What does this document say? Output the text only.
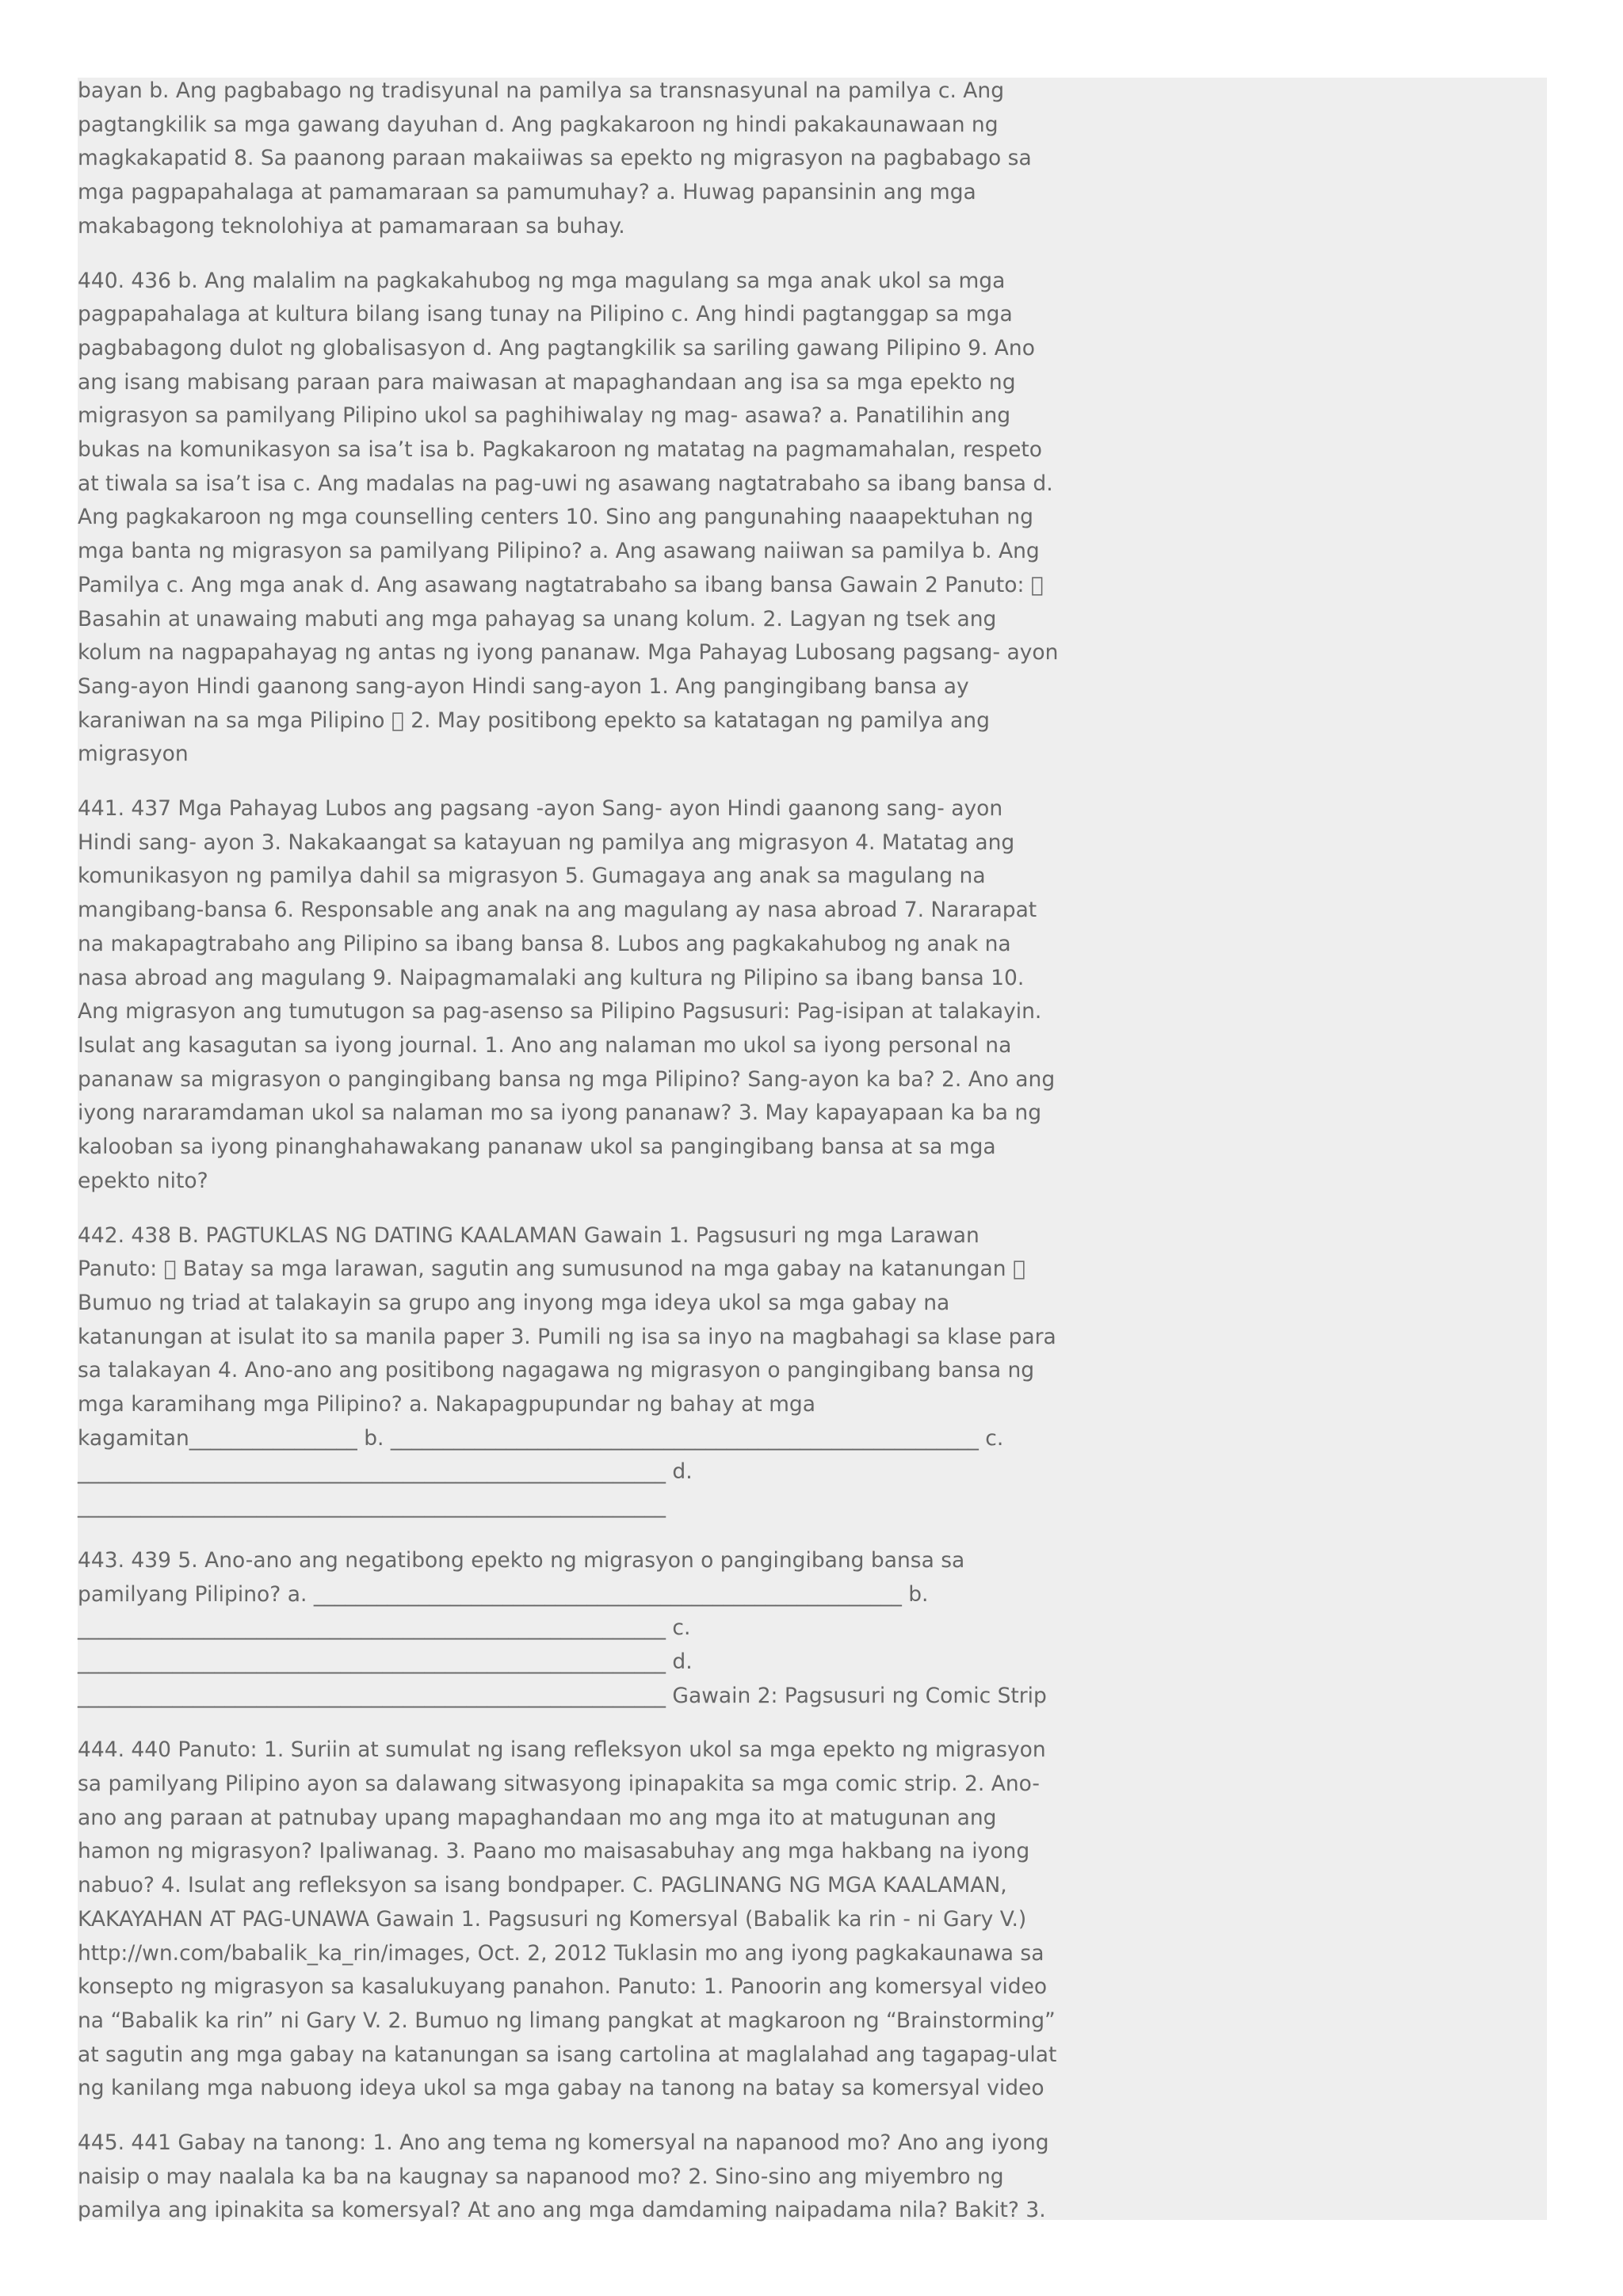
bayan b. Ang pagbabago ng tradisyunal na pamilya sa transnasyunal na pamilya c. Ang pagtangkilik sa mga gawang dayuhan d. Ang pagkakaroon ng hindi pakakaunawaan ng magkakapatid 8. Sa paanong paraan makaiiwas sa epekto ng migrasyon na pagbabago sa mga pagpapahalaga at pamamaraan sa pamumuhay? a. Huwag papansinin ang mga makabagong teknolohiya at pamamaraan sa buhay.

440. 436 b. Ang malalim na pagkakahubog ng mga magulang sa mga anak ukol sa mga pagpapahalaga at kultura bilang isang tunay na Pilipino c. Ang hindi pagtanggap sa mga pagbabagong dulot ng globalisasyon d. Ang pagtangkilik sa sariling gawang Pilipino 9. Ano ang isang mabisang paraan para maiwasan at mapaghandaan ang isa sa mga epekto ng migrasyon sa pamilyang Pilipino ukol sa paghihiwalay ng mag- asawa? a. Panatilihin ang bukas na komunikasyon sa isa’t isa b. Pagkakaroon ng matatag na pagmamahalan, respeto at tiwala sa isa’t isa c. Ang madalas na pag-uwi ng asawang nagtatrabaho sa ibang bansa d. Ang pagkakaroon ng mga counselling centers 10. Sino ang pangunahing naaapektuhan ng mga banta ng migrasyon sa pamilyang Pilipino? a. Ang asawang naiiwan sa pamilya b. Ang Pamilya c. Ang mga anak d. Ang asawang nagtatrabaho sa ibang bansa Gawain 2 Panuto: Basahin at unawaing mabuti ang mga pahayag sa unang kolum. 2. Lagyan ng tsek ang kolum na nagpapahayag ng antas ng iyong pananaw. Mga Pahayag Lubosang pagsang- ayon Sang-ayon Hindi gaanong sang-ayon Hindi sang-ayon 1. Ang pangingibang bansa ay karaniwan na sa mga Pilipino 2. May positibong epekto sa katatagan ng pamilya ang migrasyon

441. 437 Mga Pahayag Lubos ang pagsang -ayon Sang- ayon Hindi gaanong sang- ayon Hindi sang- ayon 3. Nakakaangat sa katayuan ng pamilya ang migrasyon 4. Matatag ang komunikasyon ng pamilya dahil sa migrasyon 5. Gumagaya ang anak sa magulang na mangibang-bansa 6. Responsable ang anak na ang magulang ay nasa abroad 7. Nararapat na makapagtrabaho ang Pilipino sa ibang bansa 8. Lubos ang pagkakahubog ng anak na nasa abroad ang magulang 9. Naipagmamalaki ang kultura ng Pilipino sa ibang bansa 10. Ang migrasyon ang tumutugon sa pag-asenso sa Pilipino Pagsusuri: Pag-isipan at talakayin. Isulat ang kasagutan sa iyong journal. 1. Ano ang nalaman mo ukol sa iyong personal na pananaw sa migrasyon o pangingibang bansa ng mga Pilipino? Sang-ayon ka ba? 2. Ano ang iyong nararamdaman ukol sa nalaman mo sa iyong pananaw? 3. May kapayapaan ka ba ng kalooban sa iyong pinanghahawakang pananaw ukol sa pangingibang bansa at sa mga epekto nito?

442. 438 B. PAGTUKLAS NG DATING KAALAMAN Gawain 1. Pagsusuri ng mga Larawan Panuto: Batay sa mga larawan, sagutin ang sumusunod na mga gabay na katanungan Bumuo ng triad at talakayin sa grupo ang inyong mga ideya ukol sa mga gabay na katanungan at isulat ito sa manila paper 3. Pumili ng isa sa inyo na magbahagi sa klase para sa talakayan 4. Ano-ano ang positibong nagagawa ng migrasyon o pangingibang bansa ng mga karamihang mga Pilipino? a. Nakapagpupundar ng bahay at mga kagamitan________________ b. ________________________________________________________ c. ________________________________________________________ d. ________________________________________________________

443. 439 5. Ano-ano ang negatibong epekto ng migrasyon o pangingibang bansa sa pamilyang Pilipino? a. ________________________________________________________ b. ________________________________________________________ c. ________________________________________________________ d. ________________________________________________________ Gawain 2: Pagsusuri ng Comic Strip

444. 440 Panuto: 1. Suriin at sumulat ng isang refleksyon ukol sa mga epekto ng migrasyon sa pamilyang Pilipino ayon sa dalawang sitwasyong ipinapakita sa mga comic strip. 2. Ano-ano ang paraan at patnubay upang mapaghandaan mo ang mga ito at matugunan ang hamon ng migrasyon? Ipaliwanag. 3. Paano mo maisasabuhay ang mga hakbang na iyong nabuo? 4. Isulat ang refleksyon sa isang bondpaper. C. PAGLINANG NG MGA KAALAMAN, KAKAYAHAN AT PAG-UNAWA Gawain 1. Pagsusuri ng Komersyal (Babalik ka rin - ni Gary V.) http://wn.com/babalik_ka_rin/images, Oct. 2, 2012 Tuklasin mo ang iyong pagkakaunawa sa konsepto ng migrasyon sa kasalukuyang panahon. Panuto: 1. Panoorin ang komersyal video na “Babalik ka rin” ni Gary V. 2. Bumuo ng limang pangkat at magkaroon ng “Brainstorming” at sagutin ang mga gabay na katanungan sa isang cartolina at maglalahad ang tagapag-ulat ng kanilang mga nabuong ideya ukol sa mga gabay na tanong na batay sa komersyal video

445. 441 Gabay na tanong: 1. Ano ang tema ng komersyal na napanood mo? Ano ang iyong naisip o may naalala ka ba na kaugnay sa napanood mo? 2. Sino-sino ang miyembro ng pamilya ang ipinakita sa komersyal? At ano ang mga damdaming naipadama nila? Bakit? 3.
